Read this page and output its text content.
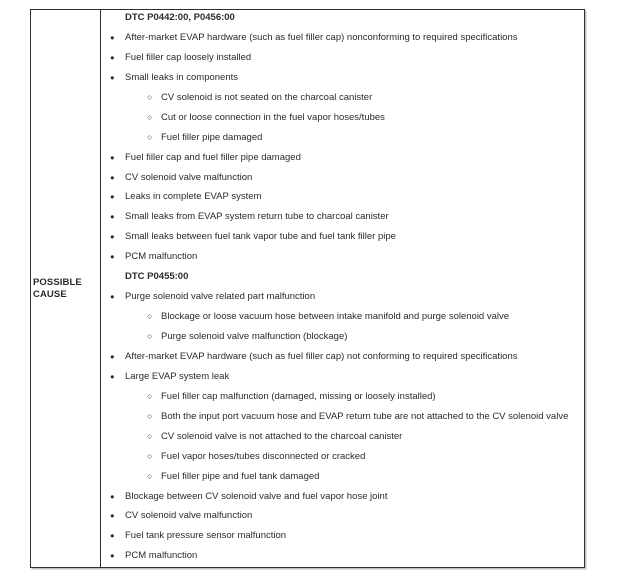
POSSIBLE CAUSE
DTC P0442:00, P0456:00
●	After-market EVAP hardware (such as fuel filler cap) nonconforming to required specifications
●	Fuel filler cap loosely installed
●	Small leaks in components
○ CV solenoid is not seated on the charcoal canister
○ Cut or loose connection in the fuel vapor hoses/tubes
○ Fuel filler pipe damaged
●	Fuel filler cap and fuel filler pipe damaged
●	CV solenoid valve malfunction
●	Leaks in complete EVAP system
●	Small leaks from EVAP system return tube to charcoal canister
●	Small leaks between fuel tank vapor tube and fuel tank filler pipe
●	PCM malfunction
DTC P0455:00
●	Purge solenoid valve related part malfunction
○ Blockage or loose vacuum hose between intake manifold and purge solenoid valve
○ Purge solenoid valve malfunction (blockage)
●	After-market EVAP hardware (such as fuel filler cap) not conforming to required specifications
●	Large EVAP system leak
○ Fuel filler cap malfunction (damaged, missing or loosely installed)
○ Both the input port vacuum hose and EVAP return tube are not attached to the CV solenoid valve
○ CV solenoid valve is not attached to the charcoal canister
○ Fuel vapor hoses/tubes disconnected or cracked
○ Fuel filler pipe and fuel tank damaged
●	Blockage between CV solenoid valve and fuel vapor hose joint
●	CV solenoid valve malfunction
●	Fuel tank pressure sensor malfunction
●	PCM malfunction
